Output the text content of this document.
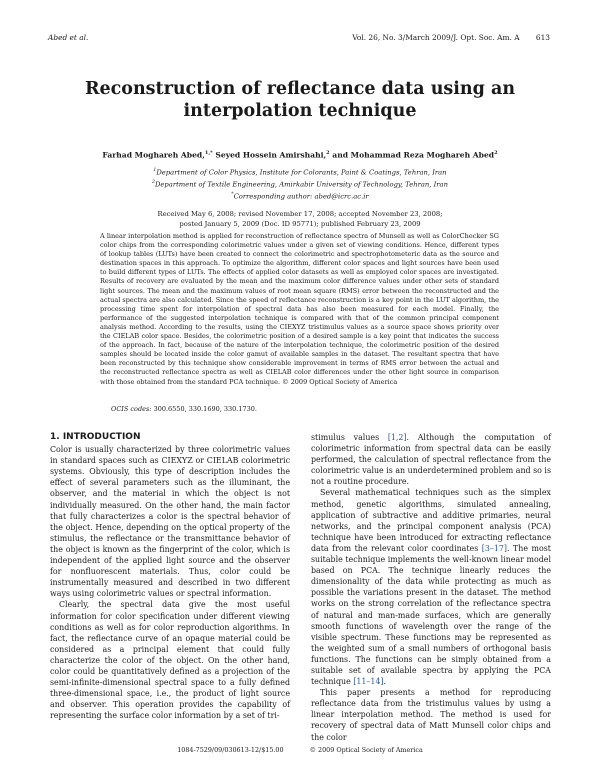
Abed et al.	Vol. 26, No. 3/March 2009/J. Opt. Soc. Am. A 613
Reconstruction of reflectance data using an interpolation technique
Farhad Moghareh Abed,$^{1,*}$ Seyed Hossein Amirshahi,$^2$ and Mohammad Reza Moghareh Abed$^2$
$^1$Department of Color Physics, Institute for Colorants, Paint & Coatings, Tehran, Iran
$^2$Department of Textile Engineering, Amirkabir University of Technology, Tehran, Iran
*Corresponding author: abed@icrc.ac.ir
Received May 6, 2008; revised November 17, 2008; accepted November 23, 2008;
posted January 5, 2009 (Doc. ID 95771); published February 23, 2009
A linear interpolation method is applied for reconstruction of reflectance spectra of Munsell as well as ColorChecker SG color chips from the corresponding colorimetric values under a given set of viewing conditions. Hence, different types of lookup tables (LUTs) have been created to connect the colorimetric and spectrophotometeric data as the source and destination spaces in this approach. To optimize the algorithm, different color spaces and light sources have been used to build different types of LUTs. The effects of applied color datasets as well as employed color spaces are investigated. Results of recovery are evaluated by the mean and the maximum color difference values under other sets of standard light sources. The mean and the maximum values of root mean square (RMS) error between the reconstructed and the actual spectra are also calculated. Since the speed of reflectance reconstruction is a key point in the LUT algorithm, the processing time spent for interpolation of spectral data has also been measured for each model. Finally, the performance of the suggested interpolation technique is compared with that of the common principal component analysis method. According to the results, using the CIEXYZ tristimulus values as a source space shows priority over the CIELAB color space. Besides, the colorimetric position of a desired sample is a key point that indicates the success of the approach. In fact, because of the nature of the interpolation technique, the colorimetric position of the desired samples should be located inside the color gamut of available samples in the dataset. The resultant spectra that have been reconstructed by this technique show considerable improvement in terms of RMS error between the actual and the reconstructed reflectance spectra as well as CIELAB color differences under the other light source in comparison with those obtained from the standard PCA technique. © 2009 Optical Society of America
OCIS codes: 300.6550, 330.1690, 330.1730.
1. INTRODUCTION

Color is usually characterized by three colorimetric values in standard spaces such as CIEXYZ or CIELAB colorimetric systems. Obviously, this type of description includes the effect of several parameters such as the illuminant, the observer, and the material in which the object is not individually measured. On the other hand, the main factor that fully characterizes a color is the spectral behavior of the object. Hence, depending on the optical property of the stimulus, the reflectance or the transmittance behavior of the object is known as the fingerprint of the color, which is independent of the applied light source and the observer for nonfluorescent materials. Thus, color could be instrumentally measured and described in two different ways using colorimetric values or spectral information.

Clearly, the spectral data give the most useful information for color specification under different viewing conditions as well as for color reproduction algorithms. In fact, the reflectance curve of an opaque material could be considered as a principal element that could fully characterize the color of the object. On the other hand, color could be quantitatively defined as a projection of the semi-infinite-dimensional spectral space to a fully defined three-dimensional space, i.e., the product of light source and observer. This operation provides the capability of representing the surface color information by a set of tri-

stimulus values [1,2]. Although the computation of colorimetric information from spectral data can be easily performed, the calculation of spectral reflectance from the colorimetric value is an underdetermined problem and so is not a routine procedure.

Several mathematical techniques such as the simplex method, genetic algorithms, simulated annealing, application of subtractive and additive primaries, neural networks, and the principal component analysis (PCA) technique have been introduced for extracting reflectance data from the relevant color coordinates [3–17]. The most suitable technique implements the well-known linear model based on PCA. The technique linearly reduces the dimensionality of the data while protecting as much as possible the variations present in the dataset. The method works on the strong correlation of the reflectance spectra of natural and man-made surfaces, which are generally smooth functions of wavelength over the range of the visible spectrum. These functions may be represented as the weighted sum of a small numbers of orthogonal basis functions. The functions can be simply obtained from a suitable set of available spectra by applying the PCA technique [11–14].

This paper presents a method for reproducing reflectance data from the tristimulus values by using a linear interpolation method. The method is used for recovery of spectral data of Matt Munsell color chips and the color

1084-7529/09/030613-12/$15.00	© 2009 Optical Society of America
